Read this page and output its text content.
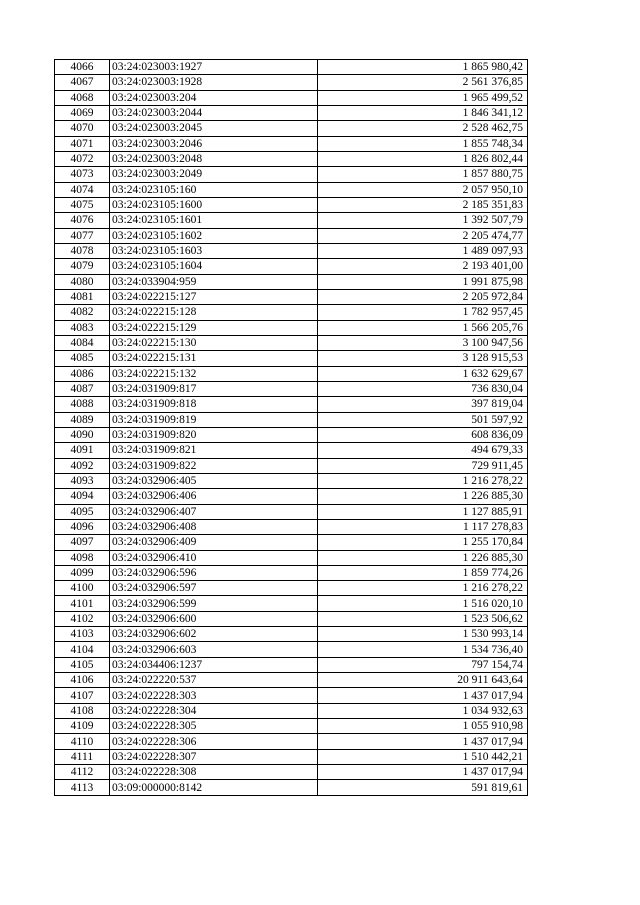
4066	03:24:023003:1927	1 865 980,42
4067	03:24:023003:1928	2 561 376,85
4068	03:24:023003:204	1 965 499,52
4069	03:24:023003:2044	1 846 341,12
4070	03:24:023003:2045	2 528 462,75
4071	03:24:023003:2046	1 855 748,34
4072	03:24:023003:2048	1 826 802,44
4073	03:24:023003:2049	1 857 880,75
4074	03:24:023105:160	2 057 950,10
4075	03:24:023105:1600	2 185 351,83
4076	03:24:023105:1601	1 392 507,79
4077	03:24:023105:1602	2 205 474,77
4078	03:24:023105:1603	1 489 097,93
4079	03:24:023105:1604	2 193 401,00
4080	03:24:033904:959	1 991 875,98
4081	03:24:022215:127	2 205 972,84
4082	03:24:022215:128	1 782 957,45
4083	03:24:022215:129	1 566 205,76
4084	03:24:022215:130	3 100 947,56
4085	03:24:022215:131	3 128 915,53
4086	03:24:022215:132	1 632 629,67
4087	03:24:031909:817	736 830,04
4088	03:24:031909:818	397 819,04
4089	03:24:031909:819	501 597,92
4090	03:24:031909:820	608 836,09
4091	03:24:031909:821	494 679,33
4092	03:24:031909:822	729 911,45
4093	03:24:032906:405	1 216 278,22
4094	03:24:032906:406	1 226 885,30
4095	03:24:032906:407	1 127 885,91
4096	03:24:032906:408	1 117 278,83
4097	03:24:032906:409	1 255 170,84
4098	03:24:032906:410	1 226 885,30
4099	03:24:032906:596	1 859 774,26
4100	03:24:032906:597	1 216 278,22
4101	03:24:032906:599	1 516 020,10
4102	03:24:032906:600	1 523 506,62
4103	03:24:032906:602	1 530 993,14
4104	03:24:032906:603	1 534 736,40
4105	03:24:034406:1237	797 154,74
4106	03:24:022220:537	20 911 643,64
4107	03:24:022228:303	1 437 017,94
4108	03:24:022228:304	1 034 932,63
4109	03:24:022228:305	1 055 910,98
4110	03:24:022228:306	1 437 017,94
4111	03:24:022228:307	1 510 442,21
4112	03:24:022228:308	1 437 017,94
4113	03:09:000000:8142	591 819,61
